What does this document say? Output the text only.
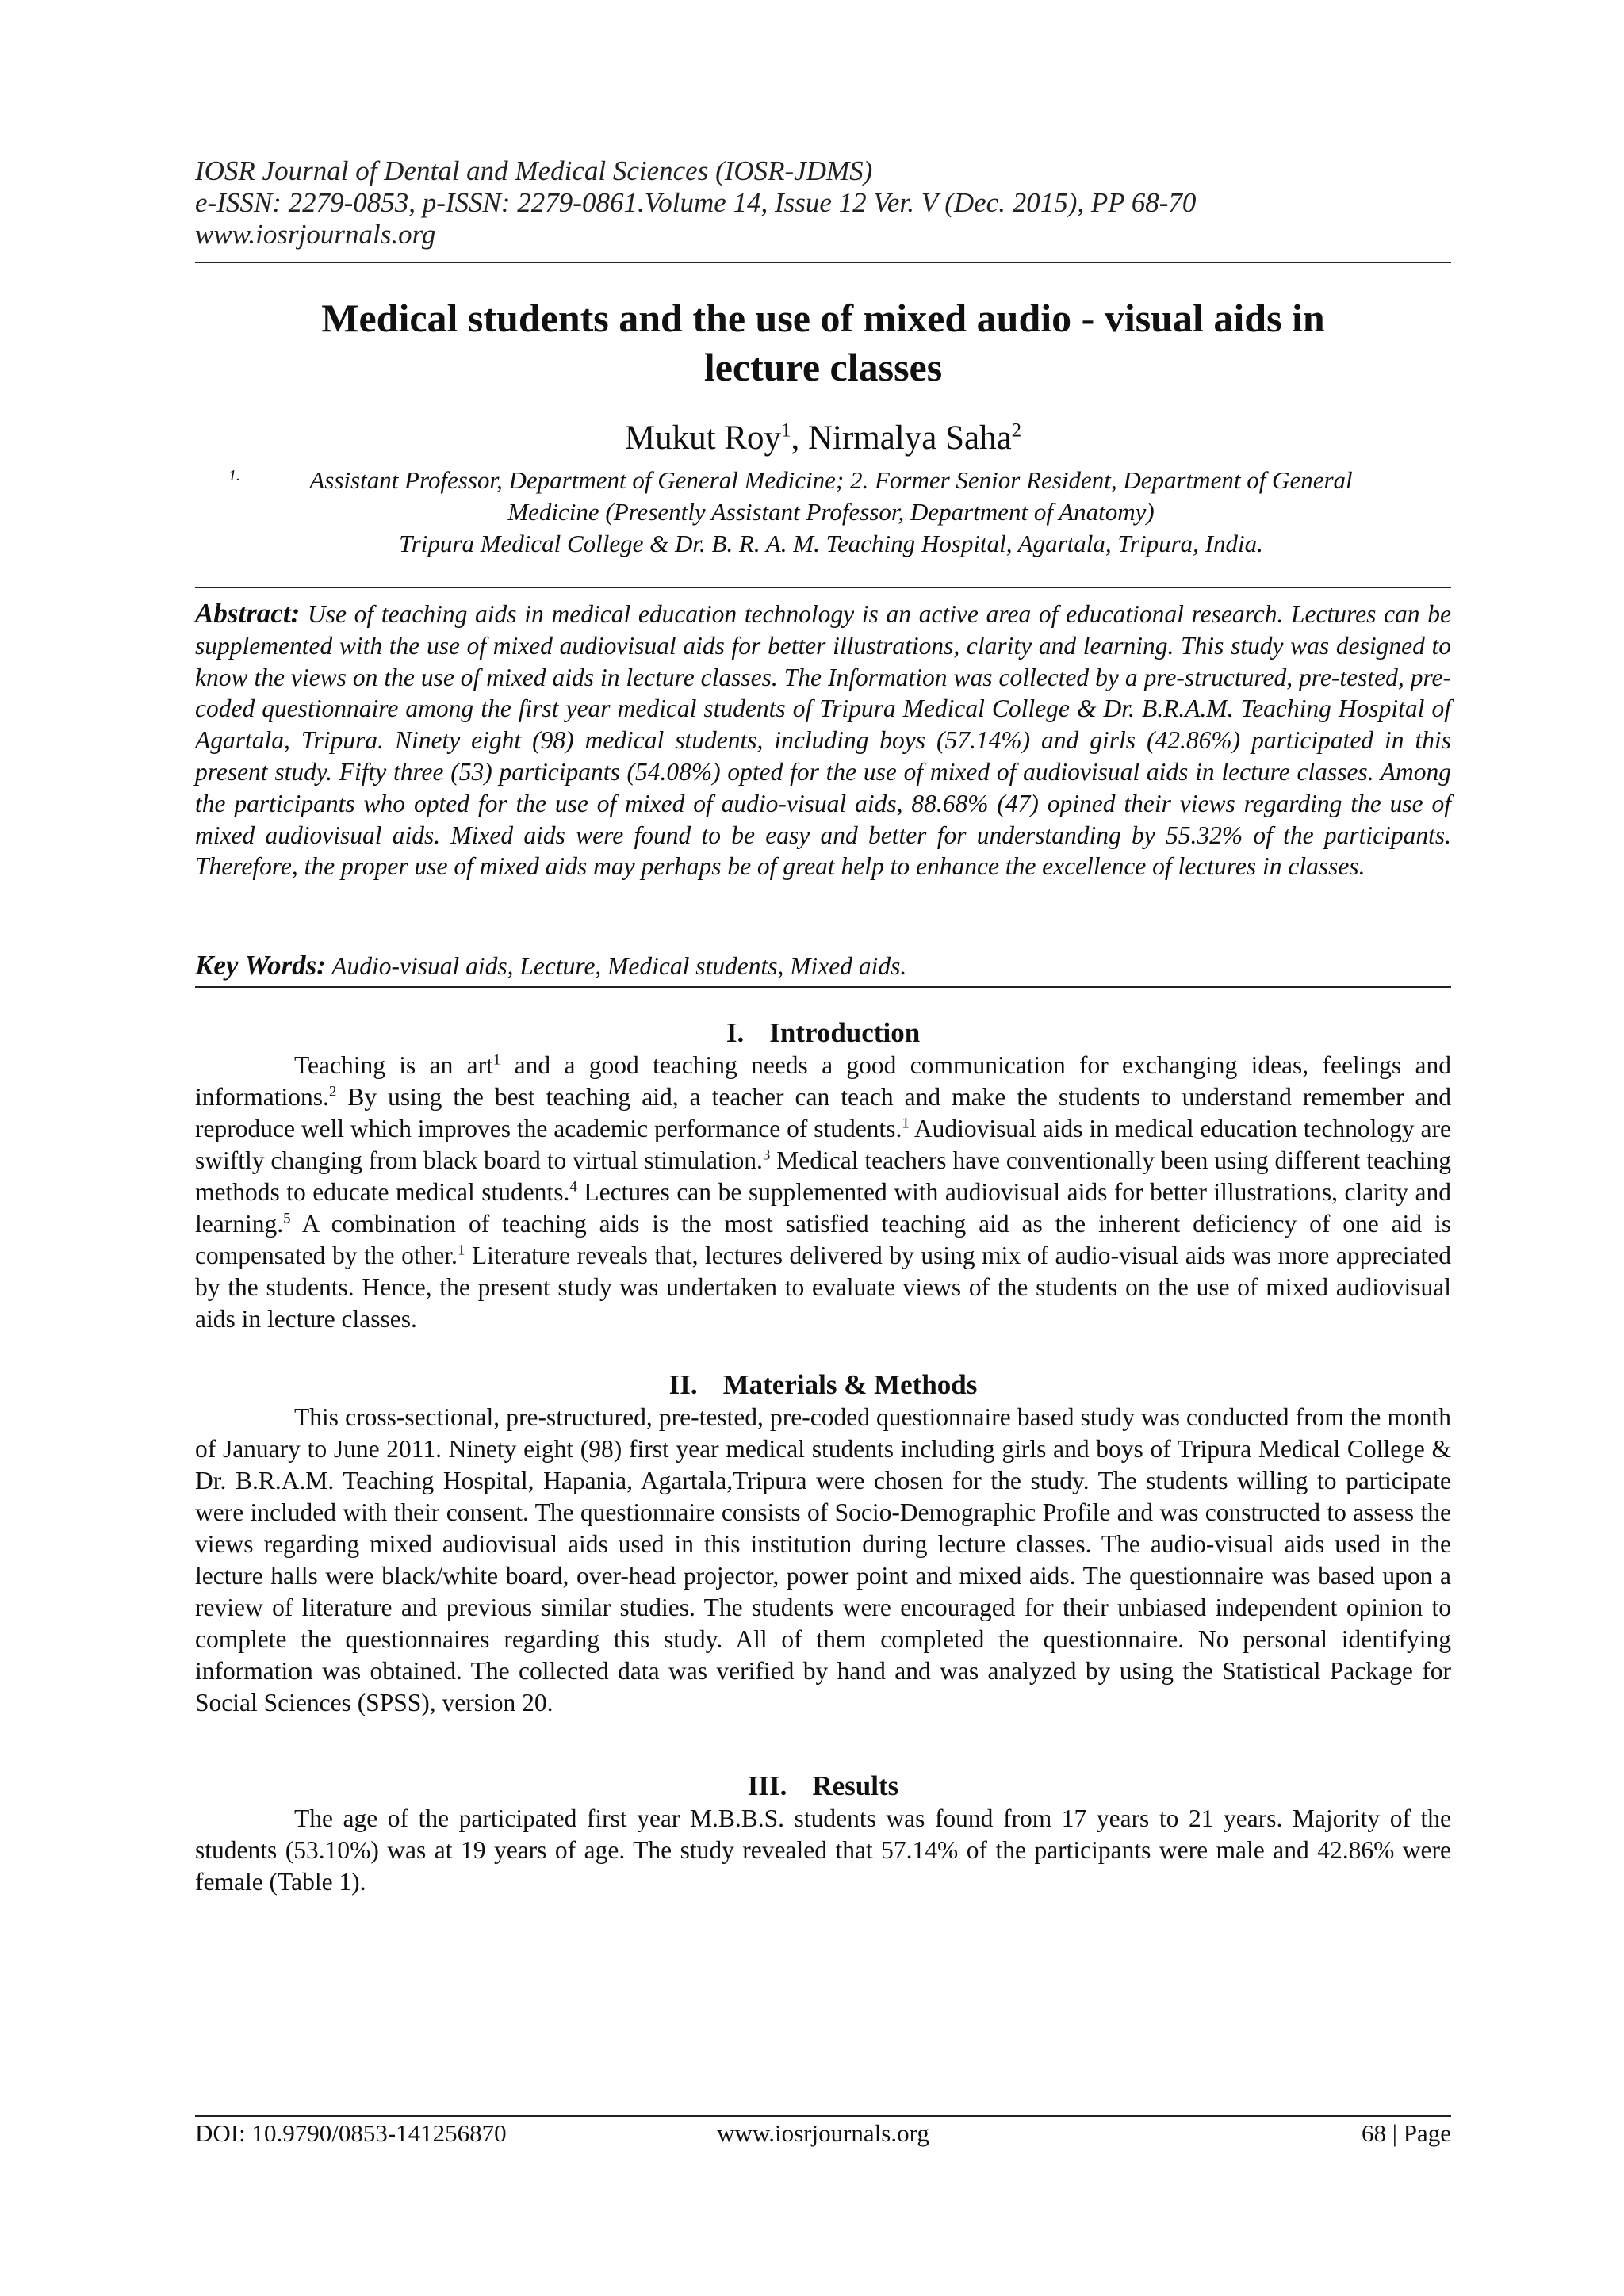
IOSR Journal of Dental and Medical Sciences (IOSR-JDMS)
e-ISSN: 2279-0853, p-ISSN: 2279-0861.Volume 14, Issue 12 Ver. V (Dec. 2015), PP 68-70
www.iosrjournals.org
Medical students and the use of mixed audio - visual aids in
lecture classes
Mukut Roy$^1$, Nirmalya Saha$^2$
1.	Assistant Professor, Department of General Medicine; 2. Former Senior Resident, Department of General
Medicine (Presently Assistant Professor, Department of Anatomy)
Tripura Medical College & Dr. B. R. A. M. Teaching Hospital, Agartala, Tripura, India.
Abstract: Use of teaching aids in medical education technology is an active area of educational research. Lectures can be supplemented with the use of mixed audiovisual aids for better illustrations, clarity and learning. This study was designed to know the views on the use of mixed aids in lecture classes. The Information was collected by a pre-structured, pre-tested, pre-coded questionnaire among the first year medical students of Tripura Medical College & Dr. B.R.A.M. Teaching Hospital of Agartala, Tripura. Ninety eight (98) medical students, including boys (57.14%) and girls (42.86%) participated in this present study. Fifty three (53) participants (54.08%) opted for the use of mixed of audiovisual aids in lecture classes. Among the participants who opted for the use of mixed of audio-visual aids, 88.68% (47) opined their views regarding the use of mixed audiovisual aids. Mixed aids were found to be easy and better for understanding by 55.32% of the participants. Therefore, the proper use of mixed aids may perhaps be of great help to enhance the excellence of lectures in classes.
Key Words: Audio-visual aids, Lecture, Medical students, Mixed aids.
I. Introduction

Teaching is an art$^1$ and a good teaching needs a good communication for exchanging ideas, feelings and informations.$^2$ By using the best teaching aid, a teacher can teach and make the students to understand remember and reproduce well which improves the academic performance of students.$^1$ Audiovisual aids in medical education technology are swiftly changing from black board to virtual stimulation.$^3$ Medical teachers have conventionally been using different teaching methods to educate medical students.$^4$ Lectures can be supplemented with audiovisual aids for better illustrations, clarity and learning.$^5$ A combination of teaching aids is the most satisfied teaching aid as the inherent deficiency of one aid is compensated by the other.$^1$ Literature reveals that, lectures delivered by using mix of audio-visual aids was more appreciated by the students. Hence, the present study was undertaken to evaluate views of the students on the use of mixed audiovisual aids in lecture classes.

II. Materials & Methods

This cross-sectional, pre-structured, pre-tested, pre-coded questionnaire based study was conducted from the month of January to June 2011. Ninety eight (98) first year medical students including girls and boys of Tripura Medical College & Dr. B.R.A.M. Teaching Hospital, Hapania, Agartala,Tripura were chosen for the study. The students willing to participate were included with their consent. The questionnaire consists of Socio-Demographic Profile and was constructed to assess the views regarding mixed audiovisual aids used in this institution during lecture classes. The audio-visual aids used in the lecture halls were black/white board, over-head projector, power point and mixed aids. The questionnaire was based upon a review of literature and previous similar studies. The students were encouraged for their unbiased independent opinion to complete the questionnaires regarding this study. All of them completed the questionnaire. No personal identifying information was obtained. The collected data was verified by hand and was analyzed by using the Statistical Package for Social Sciences (SPSS), version 20.

III. Results

The age of the participated first year M.B.B.S. students was found from 17 years to 21 years. Majority of the students (53.10%) was at 19 years of age. The study revealed that 57.14% of the participants were male and 42.86% were female (Table 1).

DOI: 10.9790/0853-141256870	www.iosrjournals.org	68 | Page
